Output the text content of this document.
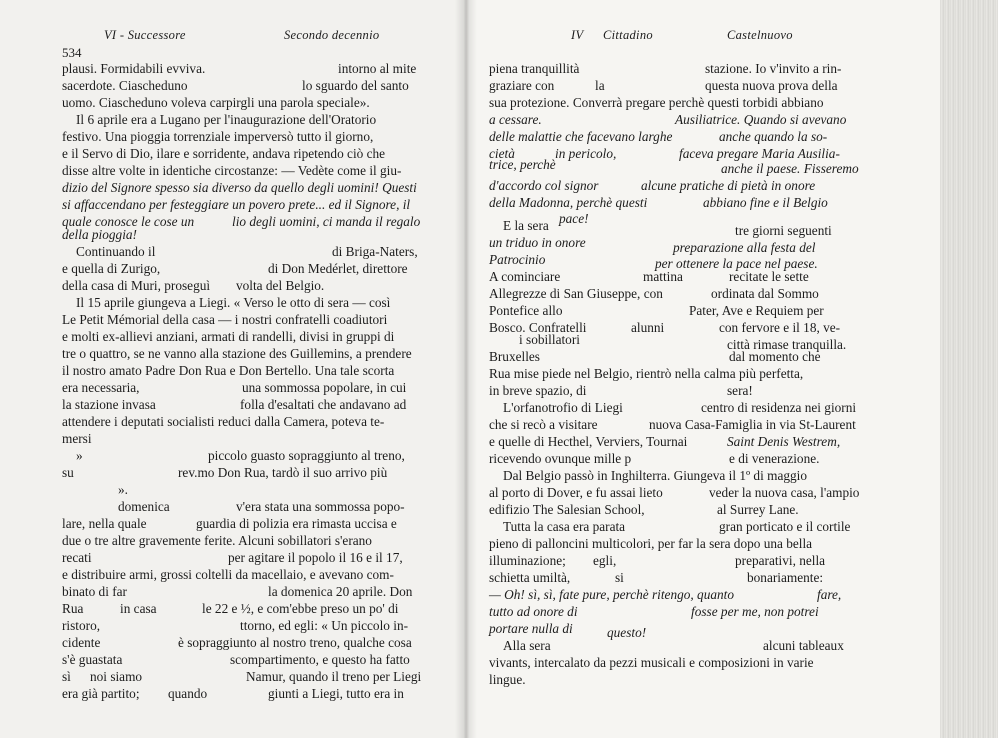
VI - Successore	Secondo decennio
534
plausi. Formidabili evviva.	intorno al mite
sacerdote. Ciascheduno	lo sguardo del santo
uomo. Ciascheduno voleva carpirgli una parola speciale».
Il 6 aprile era a Lugano per l'inaugurazione dell'Oratorio
festivo. Una pioggia torrenziale imperversò tutto il giorno,
e il Servo di Dio, ilare e sorridente, andava ripetendo ciò che
disse altre volte in identiche circostanze: — Vedète come il giu-
dizio del Signore spesso sia diverso da quello degli uomini! Questi
si affaccendano per festeggiare un povero prete... ed il Signore, il
quale conosce le cose un	lio degli uomini, ci manda il regalo
della pioggia!
Continuando il	di Briga-Naters,
e quella di Zurigo,	di Don Medérlet, direttore
della casa di Muri, proseguì volta del Belgio.
Il 15 aprile giungeva a Liegi. « Verso le otto di sera — così
Le Petit Mémorial della casa — i nostri confratelli coadiutori
e molti ex-allievi anziani, armati di randelli, divisi in gruppi di
tre o quattro, se ne vanno alla stazione des Guillemins, a prendere
il nostro amato Padre Don Rua e Don Bertello. Una tale scorta
era necessaria,	una sommossa popolare, in cui
la stazione invasa	folla d'esaltati che andavano ad
attendere i deputati socialisti reduci dalla Camera, poteva te-
mersi
»	piccolo guasto sopraggiunto al treno,
su	rev.mo Don Rua, tardò il suo arrivo più
».
domenica	v'era stata una sommossa popo-
lare, nella quale	guardia di polizia era rimasta uccisa e
due o tre altre gravemente ferite. Alcuni sobillatori s'erano
recati	per agitare il popolo il 16 e il 17,
e distribuire armi, grossi coltelli da macellaio, e avevano com-
binato di far	la domenica 20 aprile. Don
Rua	in casa	le 22 e ½, e com'ebbe preso un po' di
ristoro,	ttorno, ed egli: « Un piccolo in-
cidente	è sopraggiunto al nostro treno, qualche cosa
s'è guastata	scompartimento, e questo ha fatto
sì noi siamo	Namur, quando il treno per Liegi
era già partito; quando	giunti a Liegi, tutto era in
IV Cittadino	Castelnuovo
piena tranquillità	stazione. Io v'invito a rin-
graziare con	la	questa nuova prova della
sua protezione. Converrà pregare perchè questi torbidi abbiano
a cessare.	Ausiliatrice. Quando si avevano
delle malattie che facevano larghe	anche quando la so-
cietà	in pericolo,	faceva pregare Maria Ausilia-
trice, perchè	anche il paese. Fisseremo
d'accordo col signor	alcune pratiche di pietà in onore
della Madonna, perchè questi	abbiano fine e il Belgio
pace!
E la sera	tre giorni seguenti
un triduo in onore	preparazione alla festa del
Patrocinio	per ottenere la pace nel paese.
A cominciare	mattina	recitate le sette
Allegrezze di San Giuseppe, con	ordinata dal Sommo
Pontefice allo	Pater, Ave e Requiem per
Bosco. Confratelli	alunni	con fervore e il 18, ve-
i sobillatori	città rimase tranquilla.
Bruxelles	dal momento che
Rua mise piede nel Belgio, rientrò nella calma più perfetta,
in breve spazio, di	sera!
L'orfanotrofio di Liegi	centro di residenza nei giorni
che si recò a visitare	nuova Casa-Famiglia in via St-Laurent
e quelle di Hecthel, Verviers, Tournai	Saint Denis Westrem,
ricevendo ovunque mille p	e di venerazione.
Dal Belgio passò in Inghilterra. Giungeva il 1º di maggio
al porto di Dover, e fu assai lieto	veder la nuova casa, l'ampio
edifizio The Salesian School,	al Surrey Lane.
Tutta la casa era parata	gran porticato e il cortile
pieno di palloncini multicolori, per far la sera dopo una bella
illuminazione; egli,	preparativi, nella
schietta umiltà,	si	bonariamente:
— Oh! sì, sì, fate pure, perchè ritengo, quanto	fare,
tutto ad onore di	fosse per me, non potrei
portare nulla di	questo!
Alla sera	alcuni tableaux
vivants, intercalato da pezzi musicali e composizioni in varie
lingue.
